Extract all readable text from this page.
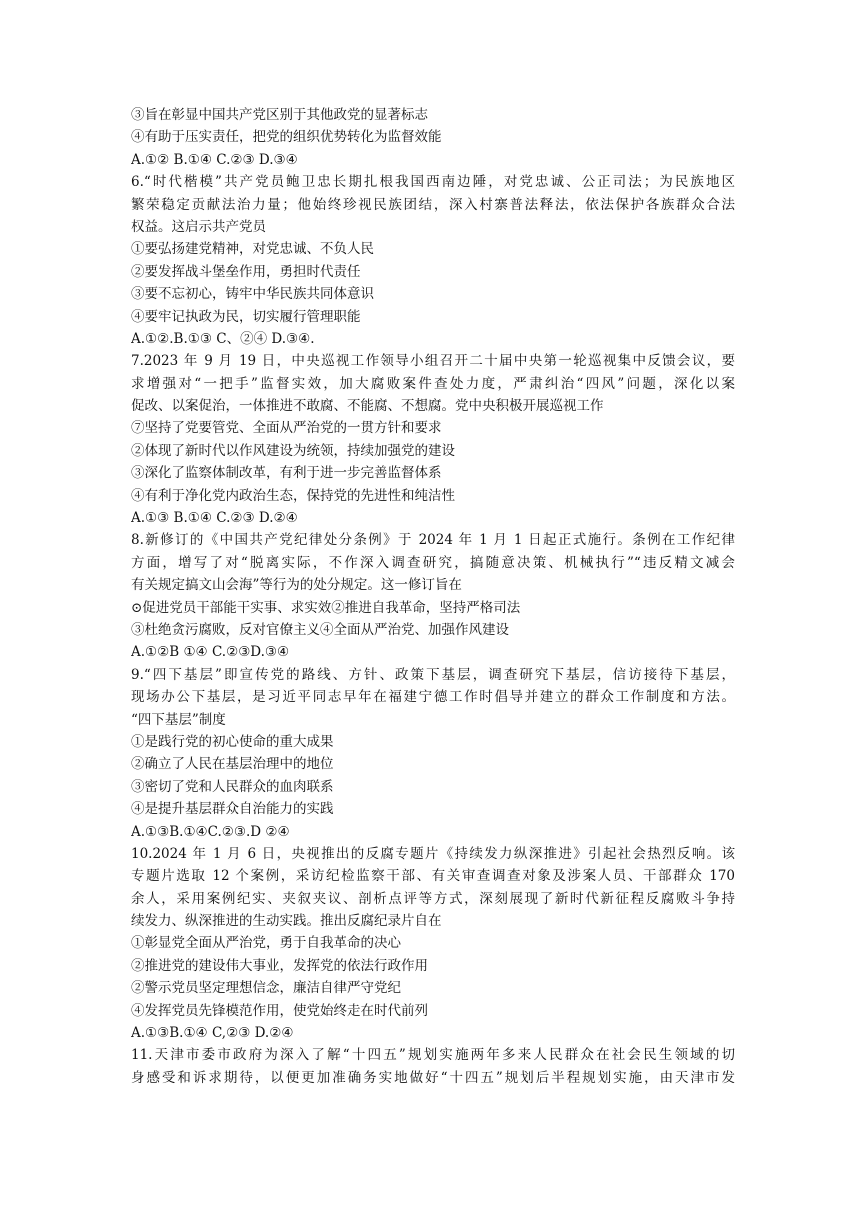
③旨在彰显中国共产党区别于其他政党的显著标志
④有助于压实责任，把党的组织优势转化为监督效能
A.①② B.①④ C.②③ D.③④
6.“时代楷模”共产党员鲍卫忠长期扎根我国西南边陲，对党忠诚、公正司法；为民族地区
繁荣稳定贡献法治力量；他始终珍视民族团结，深入村寨普法释法，依法保护各族群众合法
权益。这启示共产党员
①要弘扬建党精神，对党忠诚、不负人民
②要发挥战斗堡垒作用，勇担时代责任
③要不忘初心，铸牢中华民族共同体意识
④要牢记执政为民，切实履行管理职能
A.①②.B.①③ C、②④ D.③④.
7.2023 年 9 月 19 日，中央巡视工作领导小组召开二十届中央第一轮巡视集中反馈会议，要
求增强对“一把手”监督实效，加大腐败案件查处力度，严肃纠治“四风”问题，深化以案
促改、以案促治，一体推进不敢腐、不能腐、不想腐。党中央积极开展巡视工作
⑦坚持了党要管党、全面从严治党的一贯方针和要求
②体现了新时代以作风建设为统领，持续加强党的建设
③深化了监察体制改革，有利于进一步完善监督体系
④有利于净化党内政治生态，保持党的先进性和纯洁性
A.①③ B.①④ C.②③ D.②④
8.新修订的《中国共产党纪律处分条例》于 2024 年 1 月 1 日起正式施行。条例在工作纪律
方面，增写了对“脱离实际，不作深入调查研究，搞随意决策、机械执行”“违反精文减会
有关规定搞文山会海”等行为的处分规定。这一修订旨在
⊙促进党员干部能干实事、求实效②推进自我革命，坚持严格司法
③杜绝贪污腐败，反对官僚主义④全面从严治党、加强作风建设
A.①②B ①④ C.②③D.③④
9.“四下基层”即宣传党的路线、方针、政策下基层，调查研究下基层，信访接待下基层，
现场办公下基层，是习近平同志早年在福建宁德工作时倡导并建立的群众工作制度和方法。
“四下基层”制度
①是践行党的初心使命的重大成果
②确立了人民在基层治理中的地位
③密切了党和人民群众的血肉联系
④是提升基层群众自治能力的实践
A.①③B.①④C.②③.D ②④
10.2024 年 1 月 6 日，央视推出的反腐专题片《持续发力纵深推进》引起社会热烈反响。该
专题片选取 12 个案例，采访纪检监察干部、有关审查调查对象及涉案人员、干部群众 170
余人，采用案例纪实、夹叙夹议、剖析点评等方式，深刻展现了新时代新征程反腐败斗争持
续发力、纵深推进的生动实践。推出反腐纪录片自在
①彰显党全面从严治党，勇于自我革命的决心
②推进党的建设伟大事业，发挥党的依法行政作用
②警示党员坚定理想信念，廉洁自律严守党纪
④发挥党员先锋模范作用，使党始终走在时代前列
A.①③B.①④ C,②③ D.②④
11.天津市委市政府为深入了解“十四五”规划实施两年多来人民群众在社会民生领域的切
身感受和诉求期待，以便更加准确务实地做好“十四五”规划后半程规划实施，由天津市发
